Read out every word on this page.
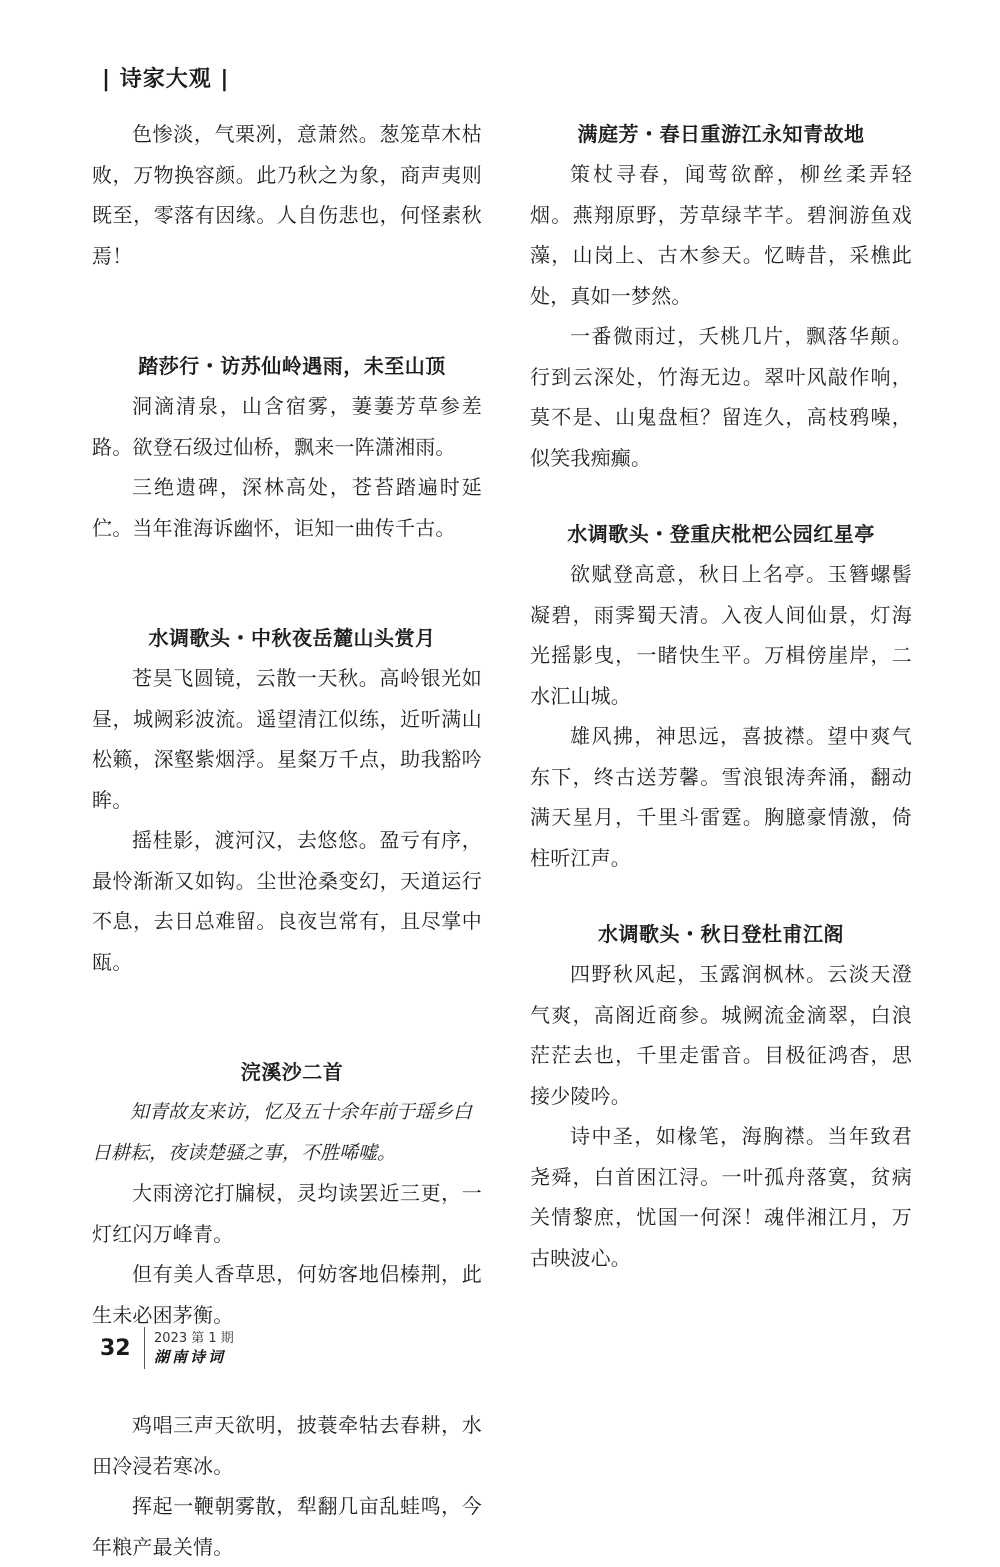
| 诗家大观 |

色惨淡，气栗冽，意萧然。葱笼草木枯败，万物换容颜。此乃秋之为象，商声夷则既至，零落有因缘。人自伤悲也，何怪素秋焉！

踏莎行・访苏仙岭遇雨，未至山顶

洞滴清泉，山含宿雾，萋萋芳草参差路。欲登石级过仙桥，飘来一阵潇湘雨。

三绝遗碑，深林高处，苍苔踏遍时延伫。当年淮海诉幽怀，讵知一曲传千古。

水调歌头・中秋夜岳麓山头赏月

苍昊飞圆镜，云散一天秋。高岭银光如昼，城阙彩波流。遥望清江似练，近听满山松籁，深壑紫烟浮。星粲万千点，助我豁吟眸。

摇桂影，渡河汉，去悠悠。盈亏有序，最怜渐渐又如钩。尘世沧桑变幻，天道运行不息，去日总难留。良夜岂常有，且尽掌中瓯。

浣溪沙二首

知青故友来访，忆及五十余年前于瑶乡白日耕耘，夜读楚骚之事，不胜唏嘘。

大雨滂沱打牖棂，灵均读罢近三更，一灯红闪万峰青。

但有美人香草思，何妨客地侣榛荆，此生未必困茅衡。

鸡唱三声天欲明，披蓑牵牯去春耕，水田冷浸若寒冰。

挥起一鞭朝雾散，犁翻几亩乱蛙鸣，今年粮产最关情。

满庭芳・春日重游江永知青故地

策杖寻春，闻莺欲醉，柳丝柔弄轻烟。燕翔原野，芳草绿芊芊。碧涧游鱼戏藻，山岗上、古木参天。忆畴昔，采樵此处，真如一梦然。

一番微雨过，夭桃几片，飘落华颠。行到云深处，竹海无边。翠叶风敲作响，莫不是、山鬼盘桓？留连久，高枝鸦噪，似笑我痴癫。

水调歌头・登重庆枇杷公园红星亭

欲赋登高意，秋日上名亭。玉簪螺髻凝碧，雨霁蜀天清。入夜人间仙景，灯海光摇影曳，一睹快生平。万楫傍崖岸，二水汇山城。

雄风拂，神思远，喜披襟。望中爽气东下，终古送芳馨。雪浪银涛奔涌，翻动满天星月，千里斗雷霆。胸臆豪情激，倚柱听江声。

水调歌头・秋日登杜甫江阁

四野秋风起，玉露润枫林。云淡天澄气爽，高阁近商参。城阙流金滴翠，白浪茫茫去也，千里走雷音。目极征鸿杳，思接少陵吟。

诗中圣，如椽笔，海胸襟。当年致君尧舜，白首困江浔。一叶孤舟落寞，贫病关情黎庶，忧国一何深！魂伴湘江月，万古映波心。

32	2023 第 1 期
湖南诗词
